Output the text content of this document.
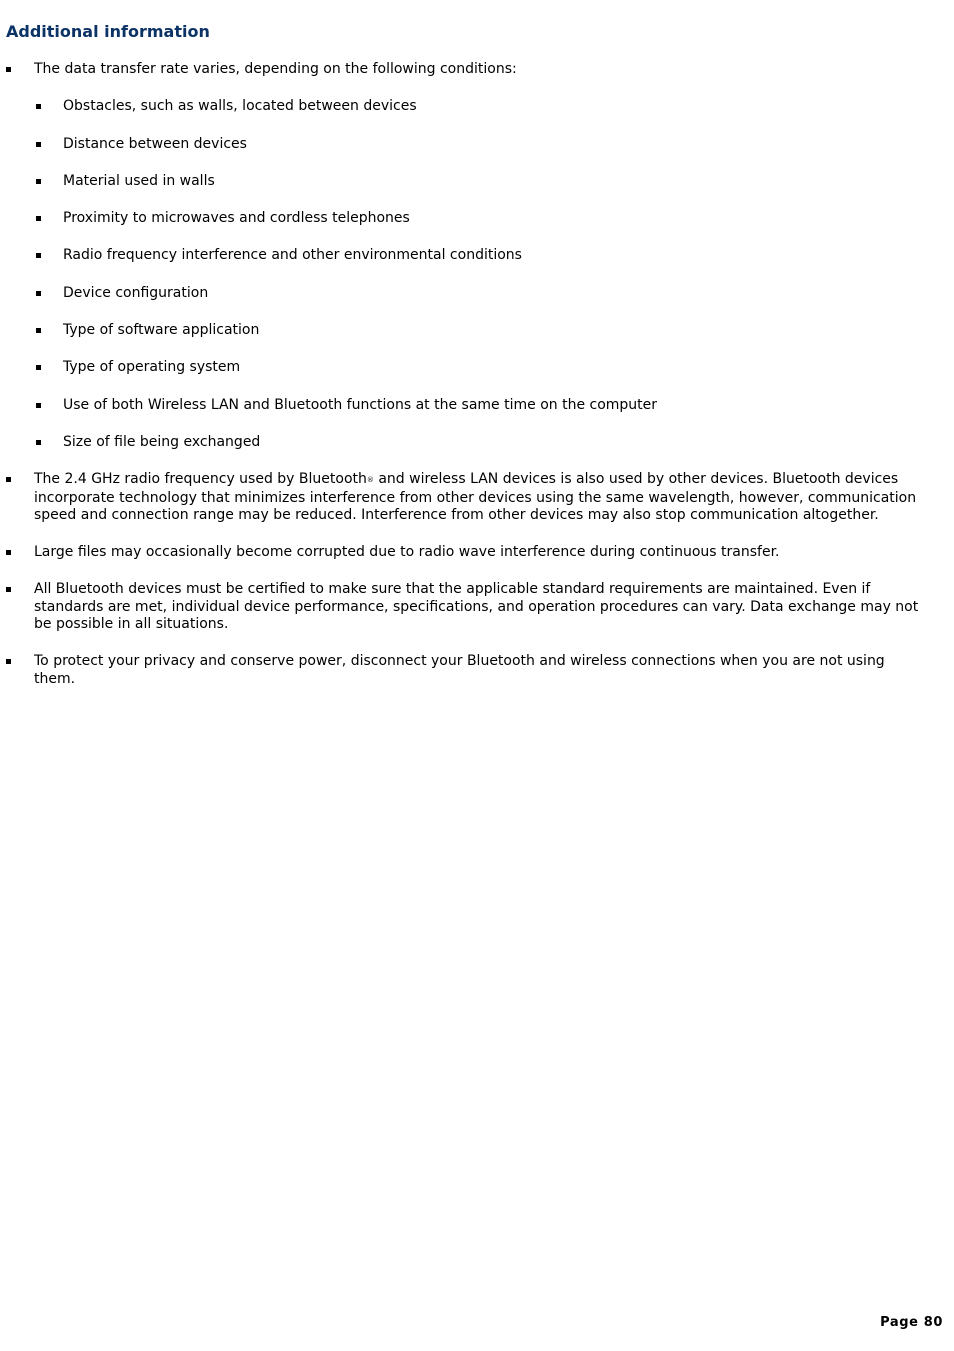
Additional information
The data transfer rate varies, depending on the following conditions:
Obstacles, such as walls, located between devices
Distance between devices
Material used in walls
Proximity to microwaves and cordless telephones
Radio frequency interference and other environmental conditions
Device configuration
Type of software application
Type of operating system
Use of both Wireless LAN and Bluetooth functions at the same time on the computer
Size of file being exchanged
The 2.4 GHz radio frequency used by Bluetooth® and wireless LAN devices is also used by other devices. Bluetooth devices incorporate technology that minimizes interference from other devices using the same wavelength, however, communication speed and connection range may be reduced. Interference from other devices may also stop communication altogether.
Large files may occasionally become corrupted due to radio wave interference during continuous transfer.
All Bluetooth devices must be certified to make sure that the applicable standard requirements are maintained. Even if standards are met, individual device performance, specifications, and operation procedures can vary. Data exchange may not be possible in all situations.
To protect your privacy and conserve power, disconnect your Bluetooth and wireless connections when you are not using them.
Page 80
